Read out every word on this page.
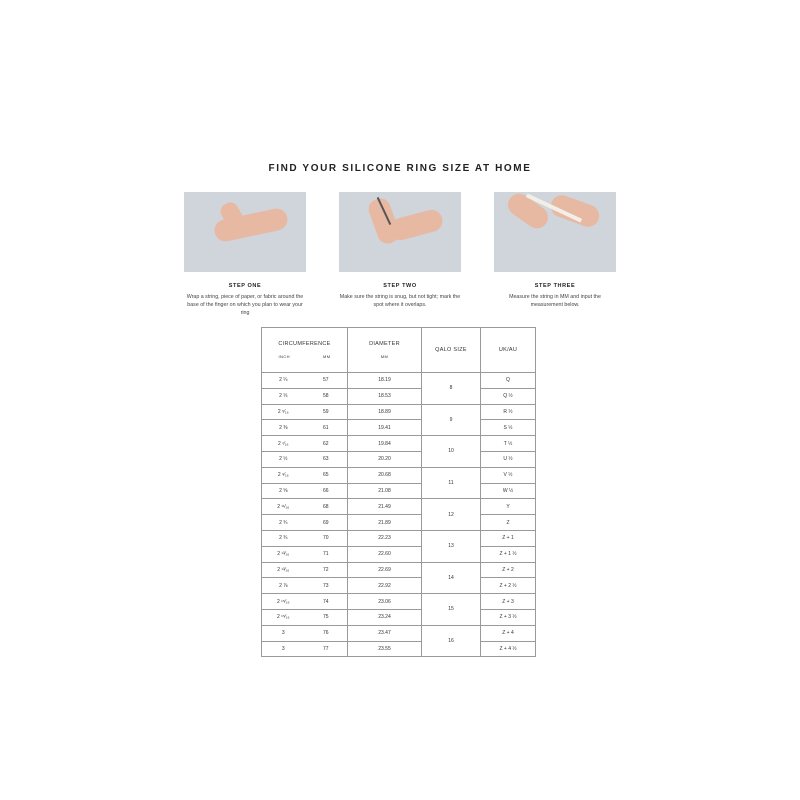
FIND YOUR SILICONE RING SIZE AT HOME
STEP ONE
Wrap a string, piece of paper, or fabric around the base of the finger on which you plan to wear your ring
STEP TWO
Make sure the string is snug, but not tight; mark the spot where it overlaps.
STEP THREE
Measure the string in MM and input the measurement below.
CIRCUMFERENCE
INCH MM		DIAMETER
MM	QALO SIZE	UK/AU

2 ¼	57	18.19	8	Q
2 ⅓	58	18.53		Q ½
2 ⁵⁄₁₆	59	18.89	9	R ½
2 ⅜	61	19.41		S ½
2 ⁷⁄₁₆	62	19.84	10	T ½
2 ½	63	20.20		U ½
2 ⁹⁄₁₆	65	20.68	11	V ½
2 ⅝	66	21.08		W ½
2 ¹¹⁄₁₆	68	21.49	12	Y
2 ¾	69	21.89		Z
2 ¾	70	22.23	13	Z + 1
2 ¹³⁄₁₆	71	22.60		Z + 1 ½
2 ¹³⁄₁₆	72	22.69	14	Z + 2
2 ⅞	73	22.92		Z + 2 ½
2 ¹⁵⁄₁₆	74	23.06	15	Z + 3
2 ¹⁵⁄₁₆	75	23.24		Z + 3 ½
3	76	23.47	16	Z + 4
3	77	23.55		Z + 4 ½
